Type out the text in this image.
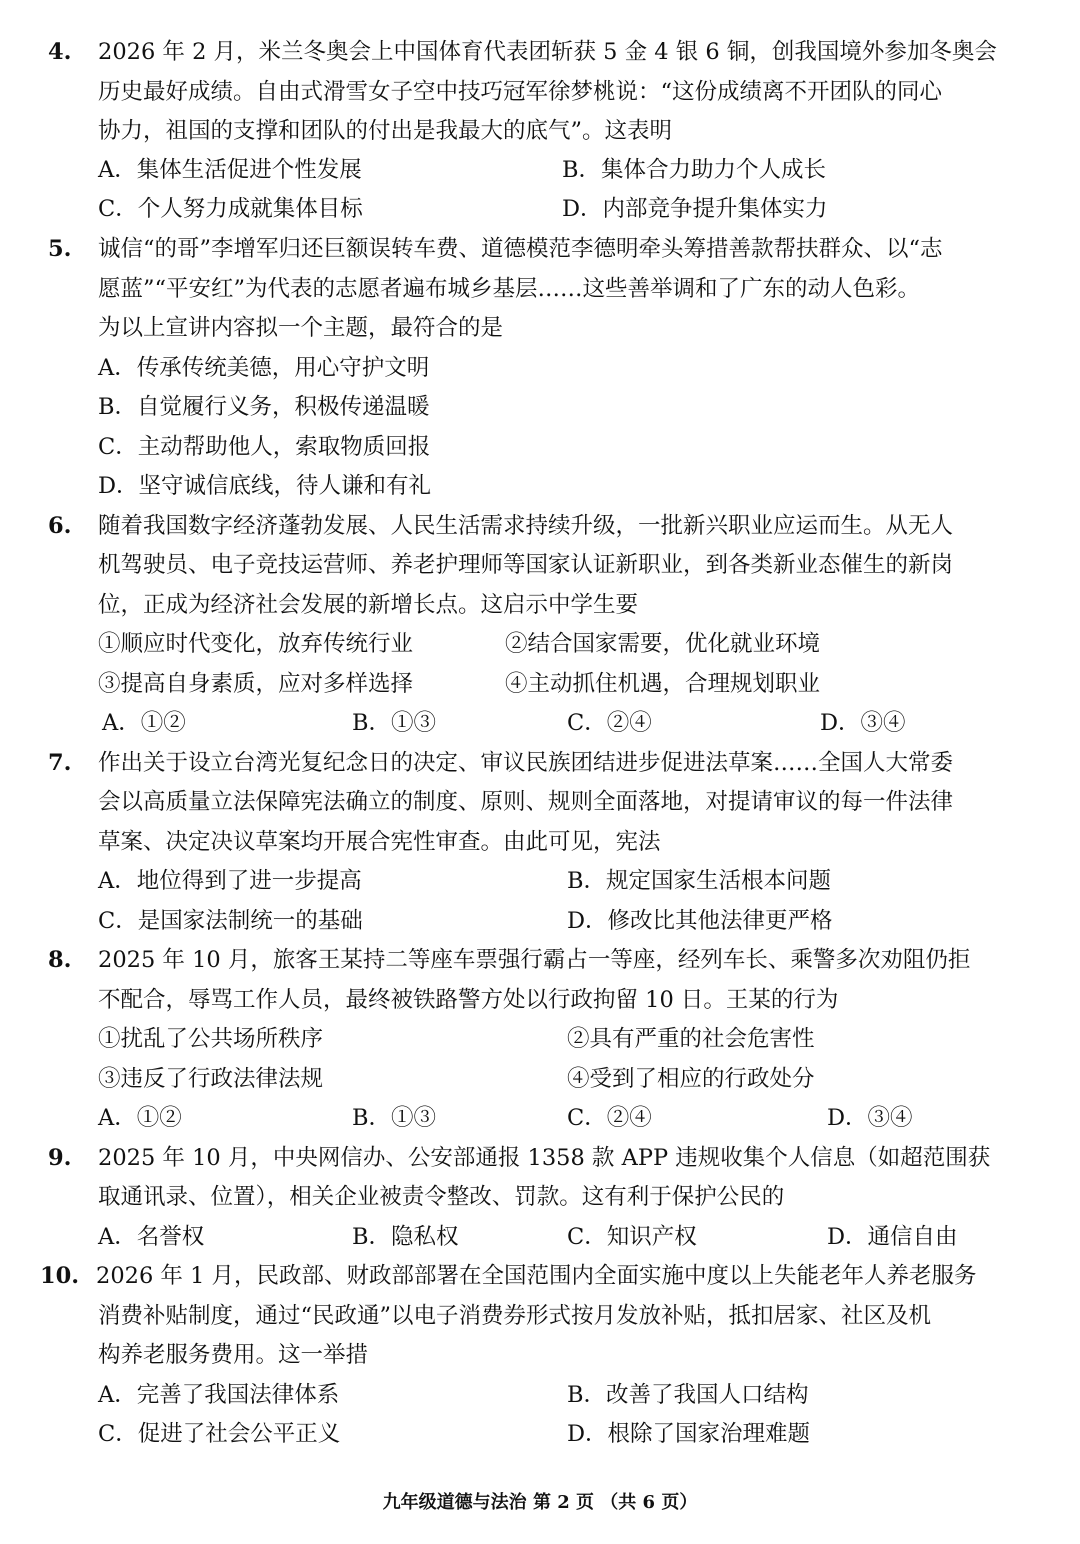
4.	2026 年 2 月，米兰冬奥会上中国体育代表团斩获 5 金 4 银 6 铜，创我国境外参加冬奥会
历史最好成绩。自由式滑雪女子空中技巧冠军徐梦桃说：“这份成绩离不开团队的同心
协力，祖国的支撑和团队的付出是我最大的底气”。这表明
A．集体生活促进个性发展	B．集体合力助力个人成长
C．个人努力成就集体目标	D．内部竞争提升集体实力
5.	诚信“的哥”李增军归还巨额误转车费、道德模范李德明牵头筹措善款帮扶群众、以“志
愿蓝”“平安红”为代表的志愿者遍布城乡基层……这些善举调和了广东的动人色彩。
为以上宣讲内容拟一个主题，最符合的是
A．传承传统美德，用心守护文明
B．自觉履行义务，积极传递温暖
C．主动帮助他人，索取物质回报
D．坚守诚信底线，待人谦和有礼
6.	随着我国数字经济蓬勃发展、人民生活需求持续升级，一批新兴职业应运而生。从无人
机驾驶员、电子竞技运营师、养老护理师等国家认证新职业，到各类新业态催生的新岗
位，正成为经济社会发展的新增长点。这启示中学生要
①顺应时代变化，放弃传统行业	②结合国家需要，优化就业环境
③提高自身素质，应对多样选择	④主动抓住机遇，合理规划职业
A．①②	B．①③	C．②④	D．③④
7.	作出关于设立台湾光复纪念日的决定、审议民族团结进步促进法草案……全国人大常委
会以高质量立法保障宪法确立的制度、原则、规则全面落地，对提请审议的每一件法律
草案、决定决议草案均开展合宪性审查。由此可见，宪法
A．地位得到了进一步提高	B．规定国家生活根本问题
C．是国家法制统一的基础	D．修改比其他法律更严格
8.	2025 年 10 月，旅客王某持二等座车票强行霸占一等座，经列车长、乘警多次劝阻仍拒
不配合，辱骂工作人员，最终被铁路警方处以行政拘留 10 日。王某的行为
①扰乱了公共场所秩序	②具有严重的社会危害性
③违反了行政法律法规	④受到了相应的行政处分
A．①②	B．①③	C．②④	D．③④
9.	2025 年 10 月，中央网信办、公安部通报 1358 款 APP 违规收集个人信息（如超范围获
取通讯录、位置），相关企业被责令整改、罚款。这有利于保护公民的
A．名誉权	B．隐私权	C．知识产权	D．通信自由
10. 2026 年 1 月，民政部、财政部部署在全国范围内全面实施中度以上失能老年人养老服务
消费补贴制度，通过“民政通”以电子消费券形式按月发放补贴，抵扣居家、社区及机
构养老服务费用。这一举措
A．完善了我国法律体系	B．改善了我国人口结构
C．促进了社会公平正义	D．根除了国家治理难题
九年级道德与法治 第 2 页 （共 6 页）
